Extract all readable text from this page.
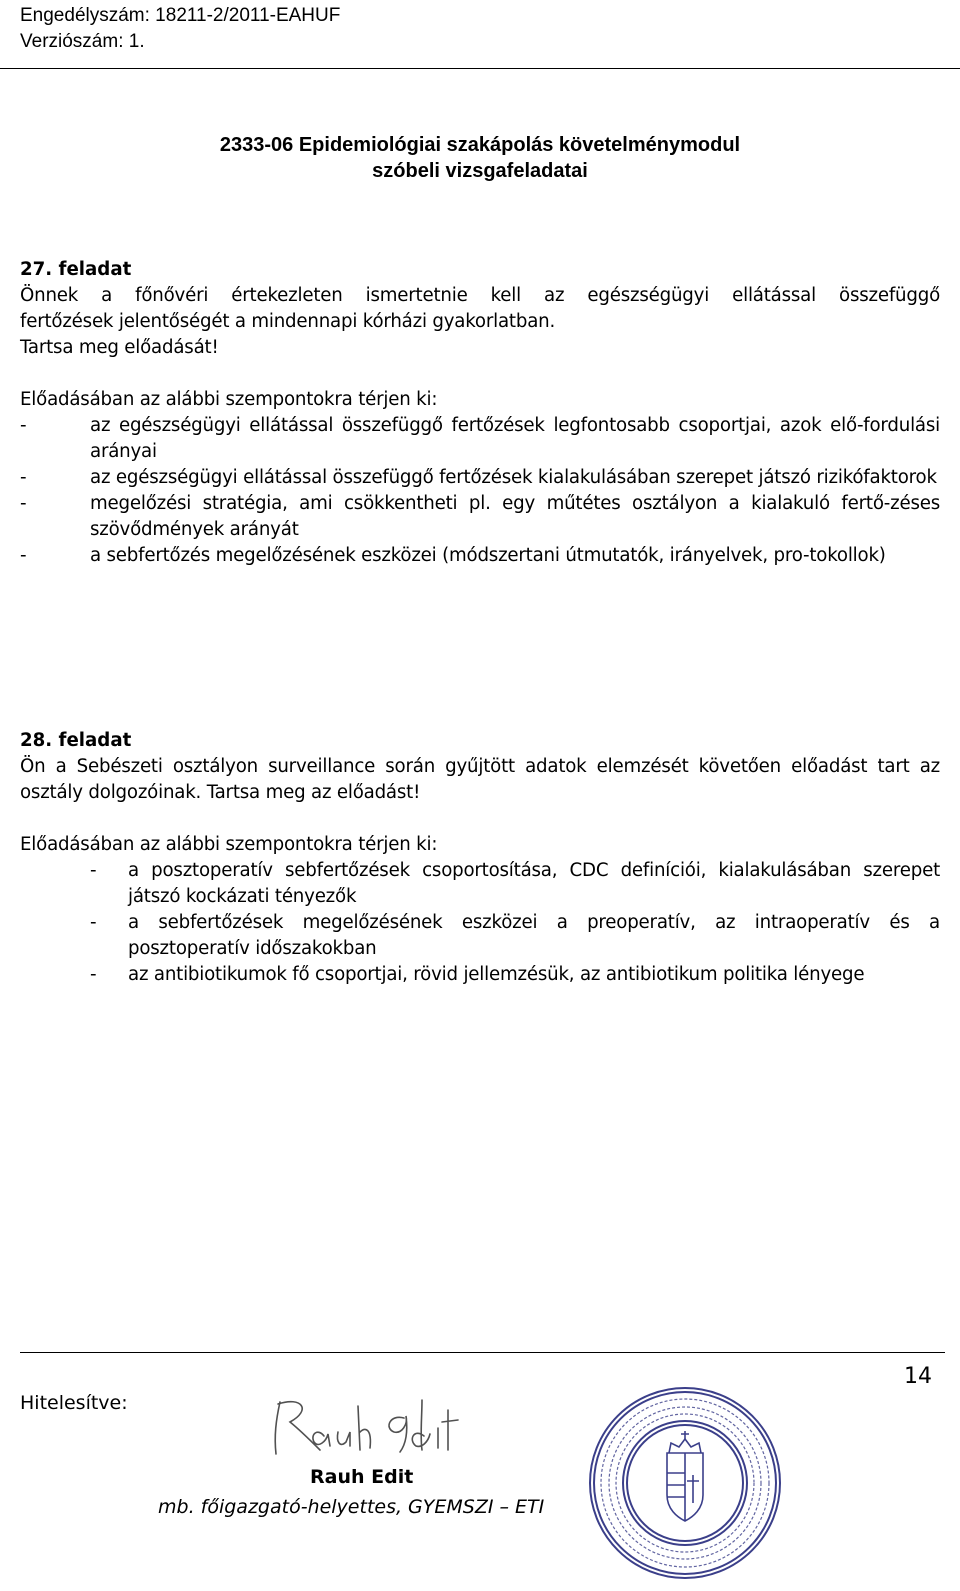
Engedélyszám: 18211-2/2011-EAHUF
Verziószám: 1.
2333-06 Epidemiológiai szakápolás követelménymodul
szóbeli vizsgafeladatai
27. feladat
Önnek a főnővéri értekezleten ismertetnie kell az egészségügyi ellátással összefüggő
fertőzések jelentőségét a mindennapi kórházi gyakorlatban.
Tartsa meg előadását!
Előadásában az alábbi szempontokra térjen ki:
-	az egészségügyi ellátással összefüggő fertőzések legfontosabb csoportjai, azok elő-fordulási arányai
-	az egészségügyi ellátással összefüggő fertőzések kialakulásában szerepet játszó rizikófaktorok
-	megelőzési stratégia, ami csökkentheti pl. egy műtétes osztályon a kialakuló fertő-zéses szövődmények arányát
-	a sebfertőzés megelőzésének eszközei (módszertani útmutatók, irányelvek, pro-tokollok)
28. feladat
Ön a Sebészeti osztályon surveillance során gyűjtött adatok elemzését követően előadást tart az osztály dolgozóinak. Tartsa meg az előadást!
Előadásában az alábbi szempontokra térjen ki:
- a posztoperatív sebfertőzések csoportosítása, CDC definíciói, kialakulásában szerepet játszó kockázati tényezők
- a sebfertőzések megelőzésének eszközei a preoperatív, az intraoperatív és a posztoperatív időszakokban
- az antibiotikumok fő csoportjai, rövid jellemzésük, az antibiotikum politika lényege
14
Hitelesítve:
Rauh Edit
mb. főigazgató-helyettes, GYEMSZI – ETI
